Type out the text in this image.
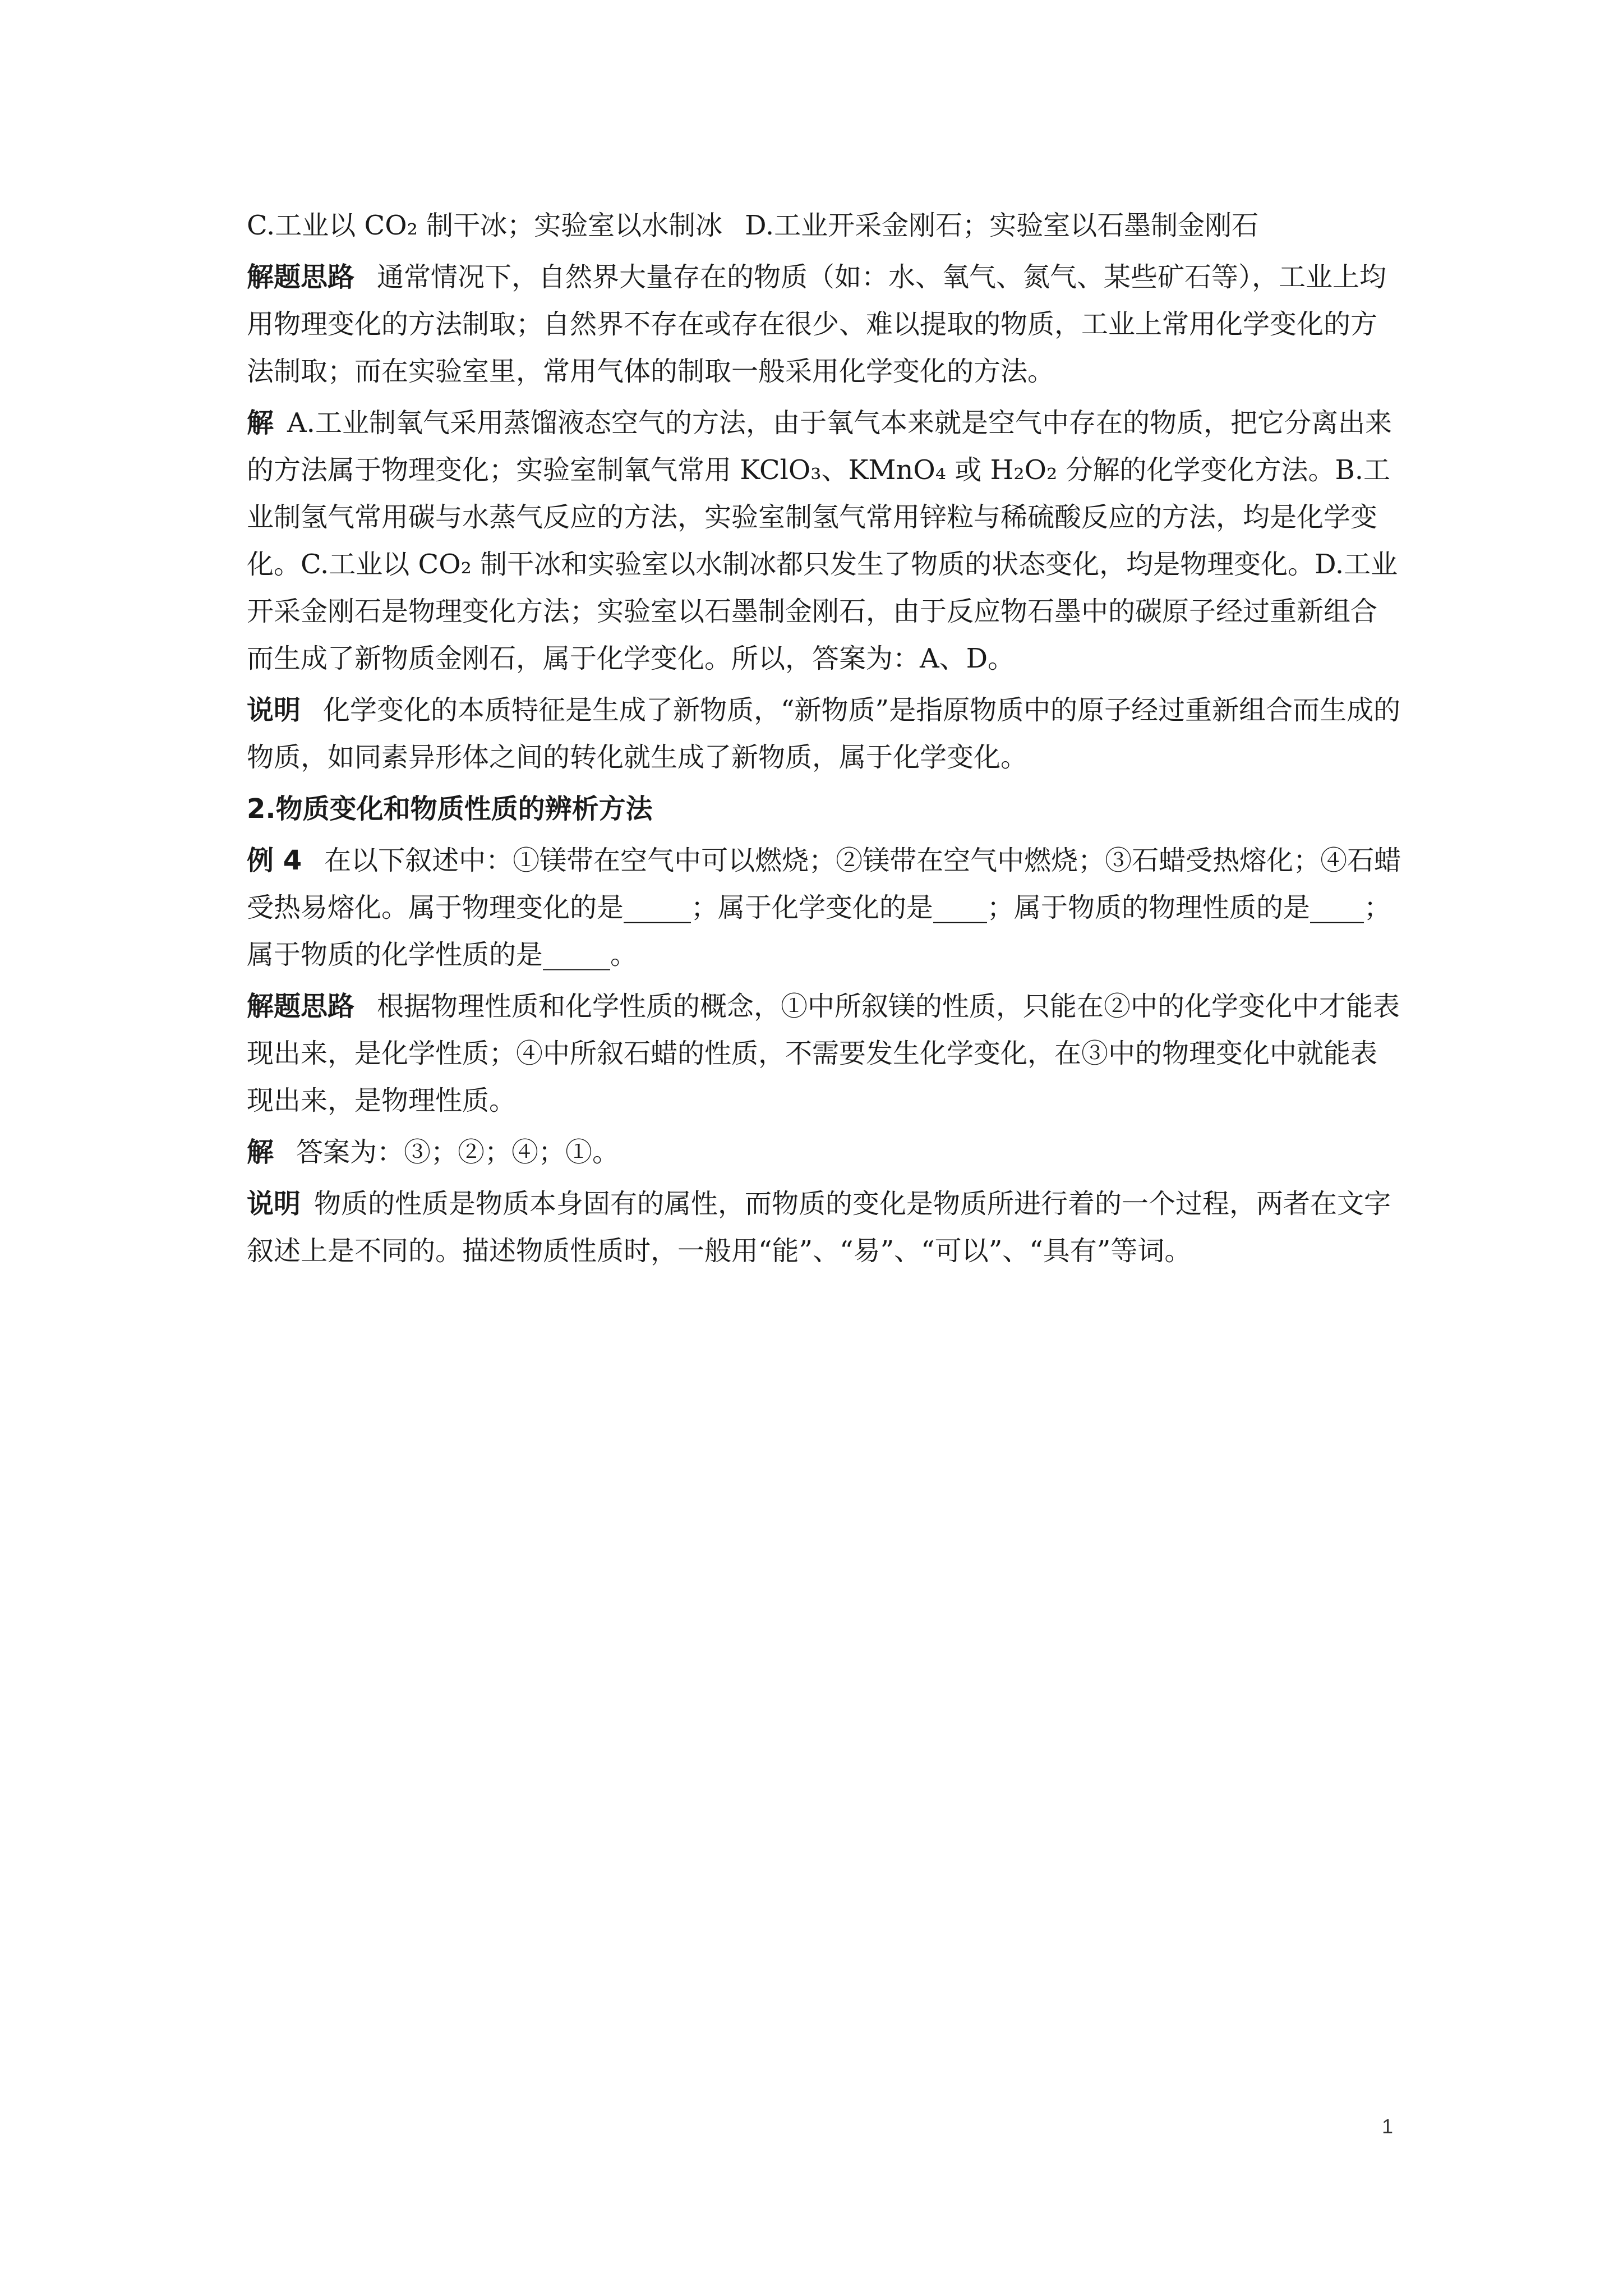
C.工业以 CO₂ 制干冰；实验室以水制冰 D.工业开采金刚石；实验室以石墨制金刚石
解题思路 通常情况下，自然界大量存在的物质（如：水、氧气、氮气、某些矿石等），工业上均用物理变化的方法制取；自然界不存在或存在很少、难以提取的物质，工业上常用化学变化的方法制取；而在实验室里，常用气体的制取一般采用化学变化的方法。
解 A.工业制氧气采用蒸馏液态空气的方法，由于氧气本来就是空气中存在的物质，把它分离出来的方法属于物理变化；实验室制氧气常用 KClO₃、KMnO₄ 或 H₂O₂ 分解的化学变化方法。B.工业制氢气常用碳与水蒸气反应的方法，实验室制氢气常用锌粒与稀硫酸反应的方法，均是化学变化。C.工业以 CO₂ 制干冰和实验室以水制冰都只发生了物质的状态变化，均是物理变化。D.工业开采金刚石是物理变化方法；实验室以石墨制金刚石，由于反应物石墨中的碳原子经过重新组合而生成了新物质金刚石，属于化学变化。所以，答案为：A、D。
说明 化学变化的本质特征是生成了新物质，“新物质”是指原物质中的原子经过重新组合而生成的物质，如同素异形体之间的转化就生成了新物质，属于化学变化。
2.物质变化和物质性质的辨析方法
例 4 在以下叙述中：①镁带在空气中可以燃烧；②镁带在空气中燃烧；③石蜡受热熔化；④石蜡受热易熔化。属于物理变化的是_____；属于化学变化的是____；属于物质的物理性质的是____；属于物质的化学性质的是_____。
解题思路 根据物理性质和化学性质的概念，①中所叙镁的性质，只能在②中的化学变化中才能表现出来，是化学性质；④中所叙石蜡的性质，不需要发生化学变化，在③中的物理变化中就能表现出来，是物理性质。
解 答案为：③；②；④；①。
说明 物质的性质是物质本身固有的属性，而物质的变化是物质所进行着的一个过程，两者在文字叙述上是不同的。描述物质性质时，一般用“能”、“易”、“可以”、“具有”等词。
1
